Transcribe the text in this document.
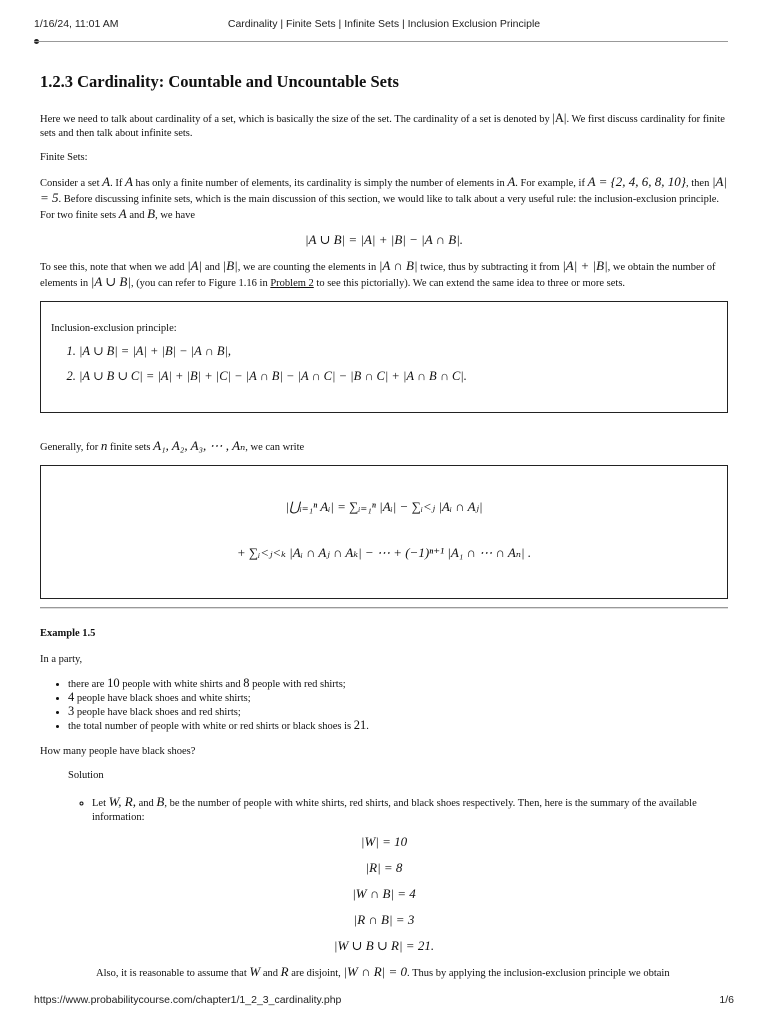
1/16/24, 11:01 AM	Cardinality | Finite Sets | Infinite Sets | Inclusion Exclusion Principle
1.2.3 Cardinality: Countable and Uncountable Sets

Here we need to talk about cardinality of a set, which is basically the size of the set. The cardinality of a set is denoted by |A|. We first discuss cardinality for finite sets and then talk about infinite sets.

Finite Sets:

Consider a set A. If A has only a finite number of elements, its cardinality is simply the number of elements in A. For example, if A = {2, 4, 6, 8, 10}, then |A| = 5. Before discussing infinite sets, which is the main discussion of this section, we would like to talk about a very useful rule: the inclusion-exclusion principle. For two finite sets A and B, we have

|A ∪ B| = |A| + |B| − |A ∩ B|.

To see this, note that when we add |A| and |B|, we are counting the elements in |A ∩ B| twice, thus by subtracting it from |A| + |B|, we obtain the number of elements in |A ∪ B|, (you can refer to Figure 1.16 in Problem 2 to see this pictorially). We can extend the same idea to three or more sets.

Inclusion-exclusion principle:
1. |A ∪ B| = |A| + |B| − |A ∩ B|,
2. |A ∪ B ∪ C| = |A| + |B| + |C| − |A ∩ B| − |A ∩ C| − |B ∩ C| + |A ∩ B ∩ C|.

Generally, for n finite sets A₁, A₂, A₃, ⋯ , Aₙ, we can write

|⋃ᵢ₌₁ⁿ Aᵢ| = ∑ᵢ₌₁ⁿ |Aᵢ| − ∑ᵢ<ⱼ |Aᵢ ∩ Aⱼ|
+ ∑ᵢ<ⱼ<ₖ |Aᵢ ∩ Aⱼ ∩ Aₖ| − ⋯ + (−1)ⁿ⁺¹ |A₁ ∩ ⋯ ∩ Aₙ| .
Example 1.5

In a party,

• there are 10 people with white shirts and 8 people with red shirts;
• 4 people have black shoes and white shirts;
• 3 people have black shoes and red shirts;
• the total number of people with white or red shirts or black shoes is 21.

How many people have black shoes?

Solution
◦ Let W, R, and B, be the number of people with white shirts, red shirts, and black shoes respectively. Then, here is the summary of the available information:
|W| = 10
|R| = 8
|W ∩ B| = 4
|R ∩ B| = 3
|W ∪ B ∪ R| = 21.

Also, it is reasonable to assume that W and R are disjoint, |W ∩ R| = 0. Thus by applying the inclusion-exclusion principle we obtain

https://www.probabilitycourse.com/chapter1/1_2_3_cardinality.php	1/6
